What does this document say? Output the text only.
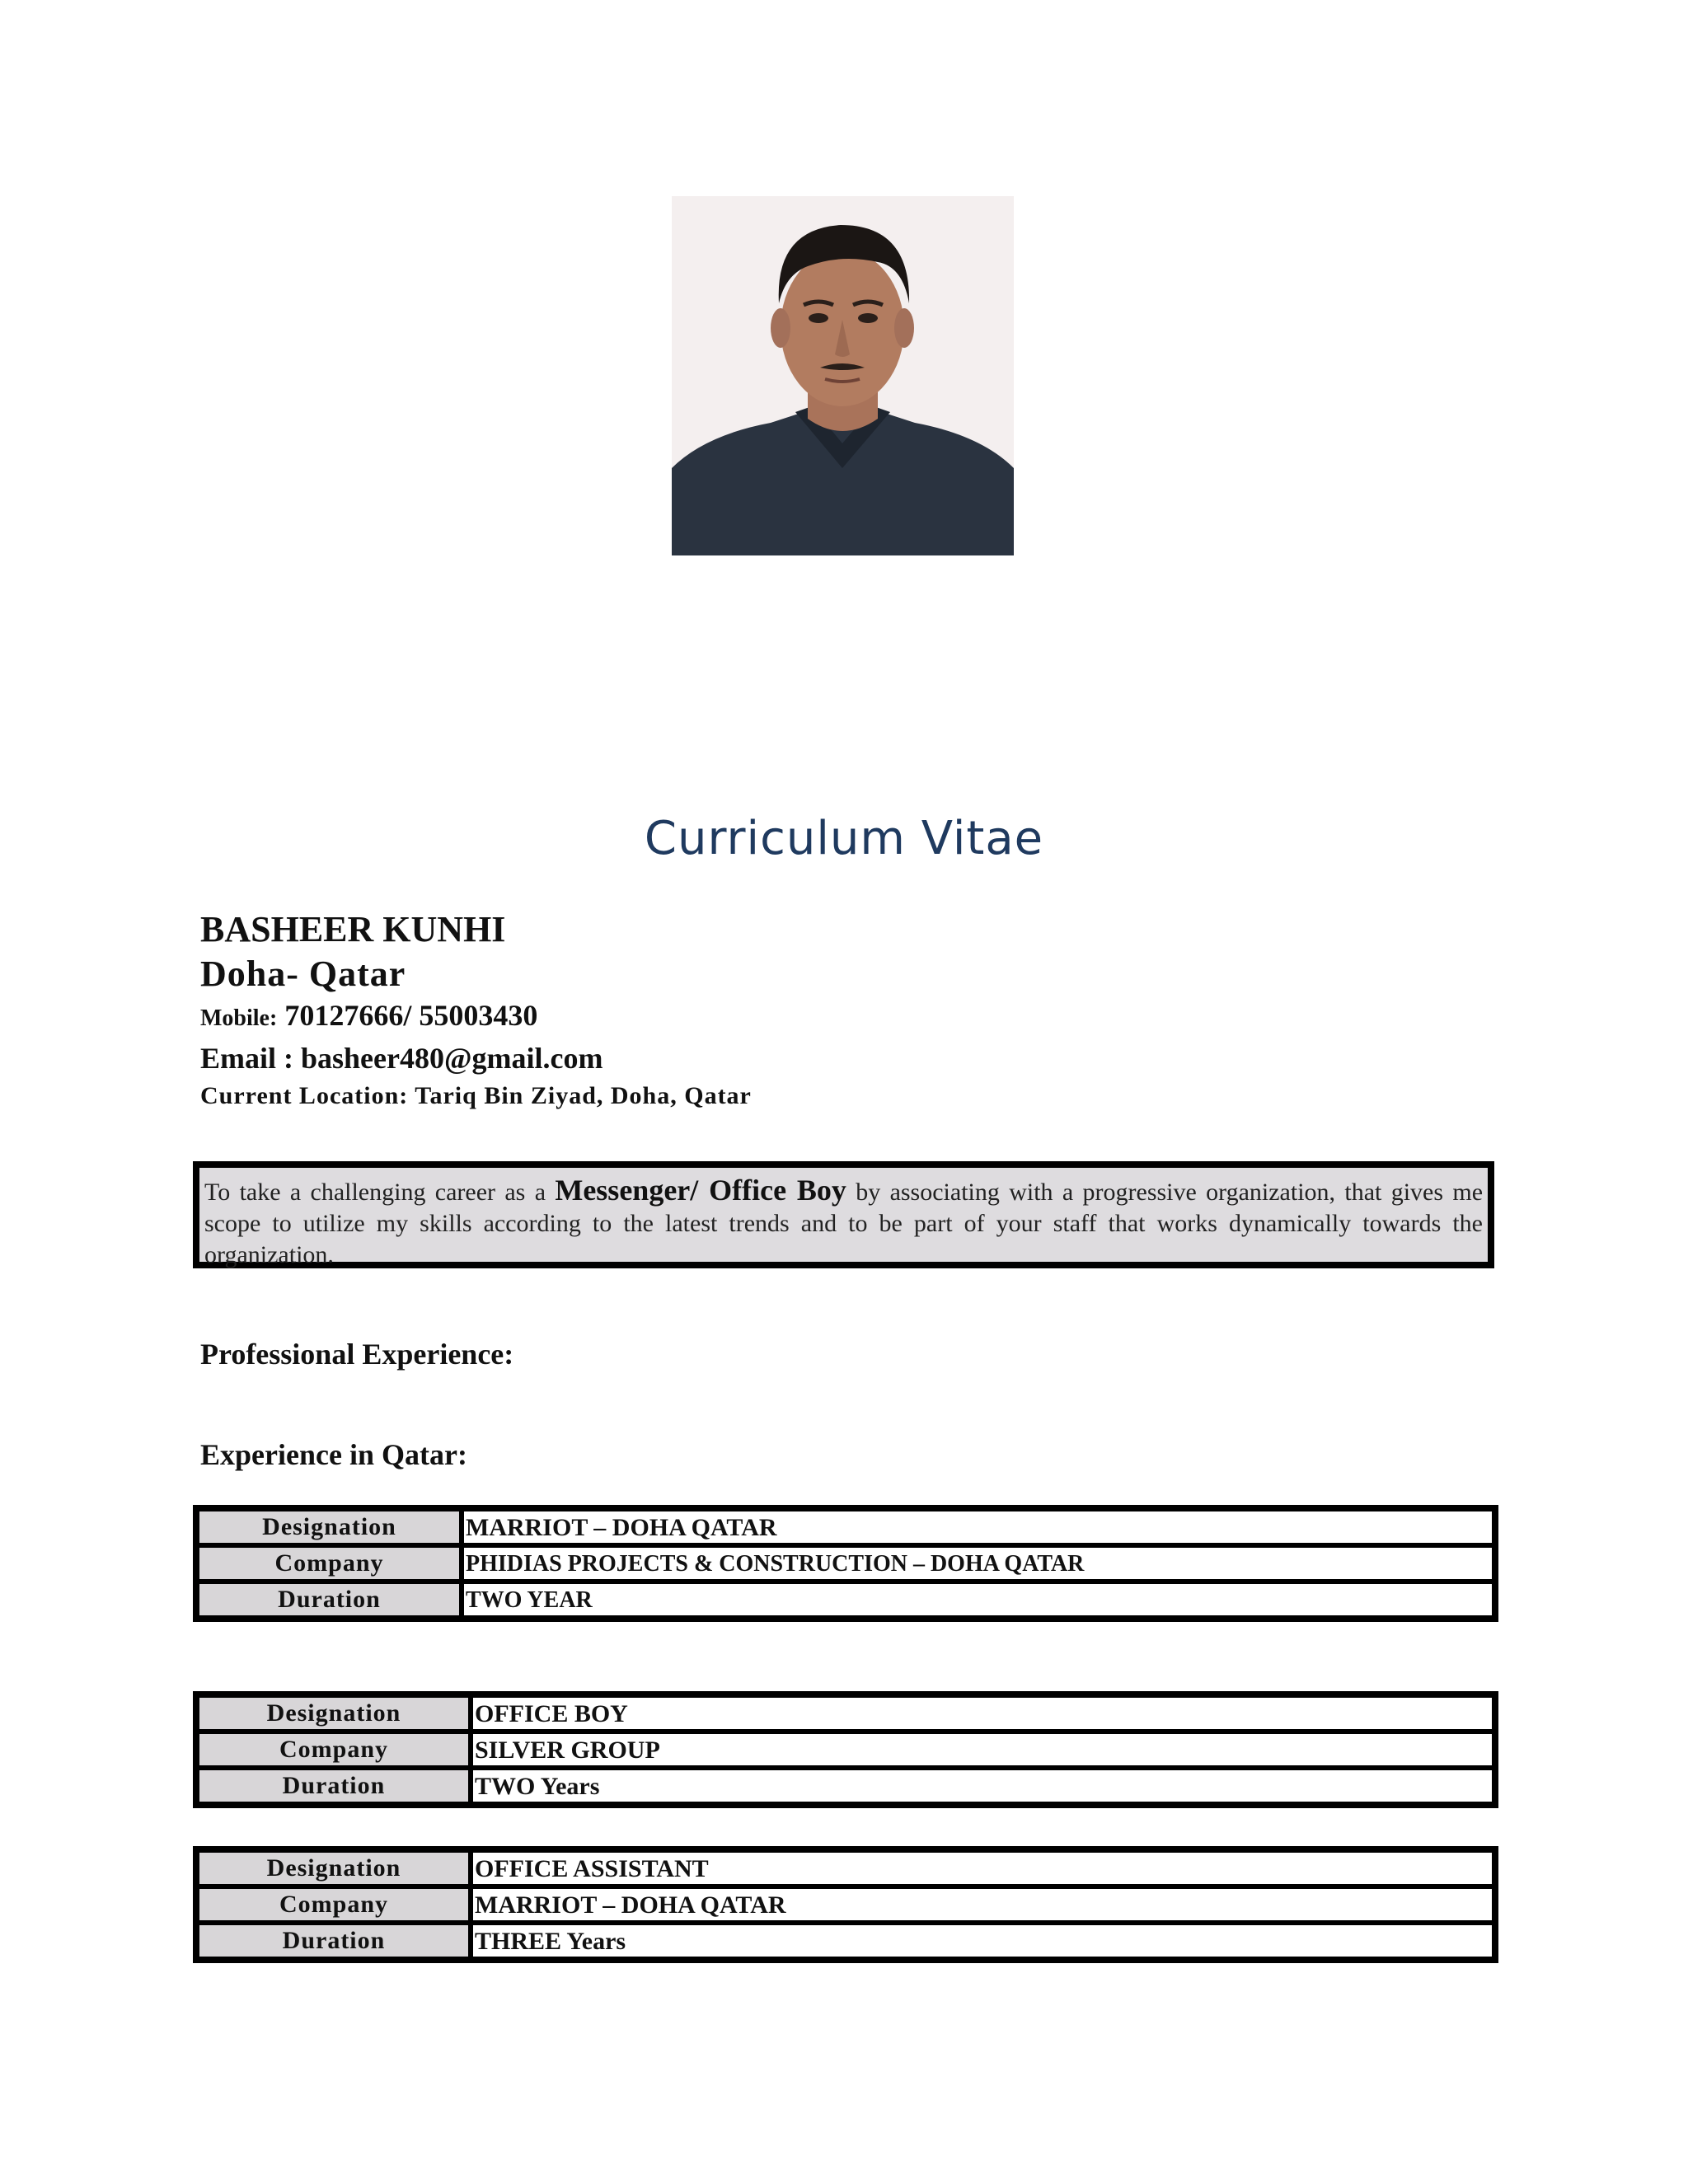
Curriculum Vitae
BASHEER KUNHI
Doha- Qatar
Mobile: 70127666/ 55003430
Email : basheer480@gmail.com
Current Location: Tariq Bin Ziyad, Doha, Qatar
To take a challenging career as a Messenger/ Office Boy by associating with a progressive organization, that gives me scope to utilize my skills according to the latest trends and to be part of your staff that works dynamically towards the organization.
Professional Experience:
Experience in Qatar:
Designation	MARRIOT – DOHA QATAR
Company	PHIDIAS PROJECTS & CONSTRUCTION – DOHA QATAR
Duration	TWO YEAR
Designation	OFFICE BOY
Company	SILVER GROUP
Duration	TWO Years
Designation	OFFICE ASSISTANT
Company	MARRIOT – DOHA QATAR
Duration	THREE Years
